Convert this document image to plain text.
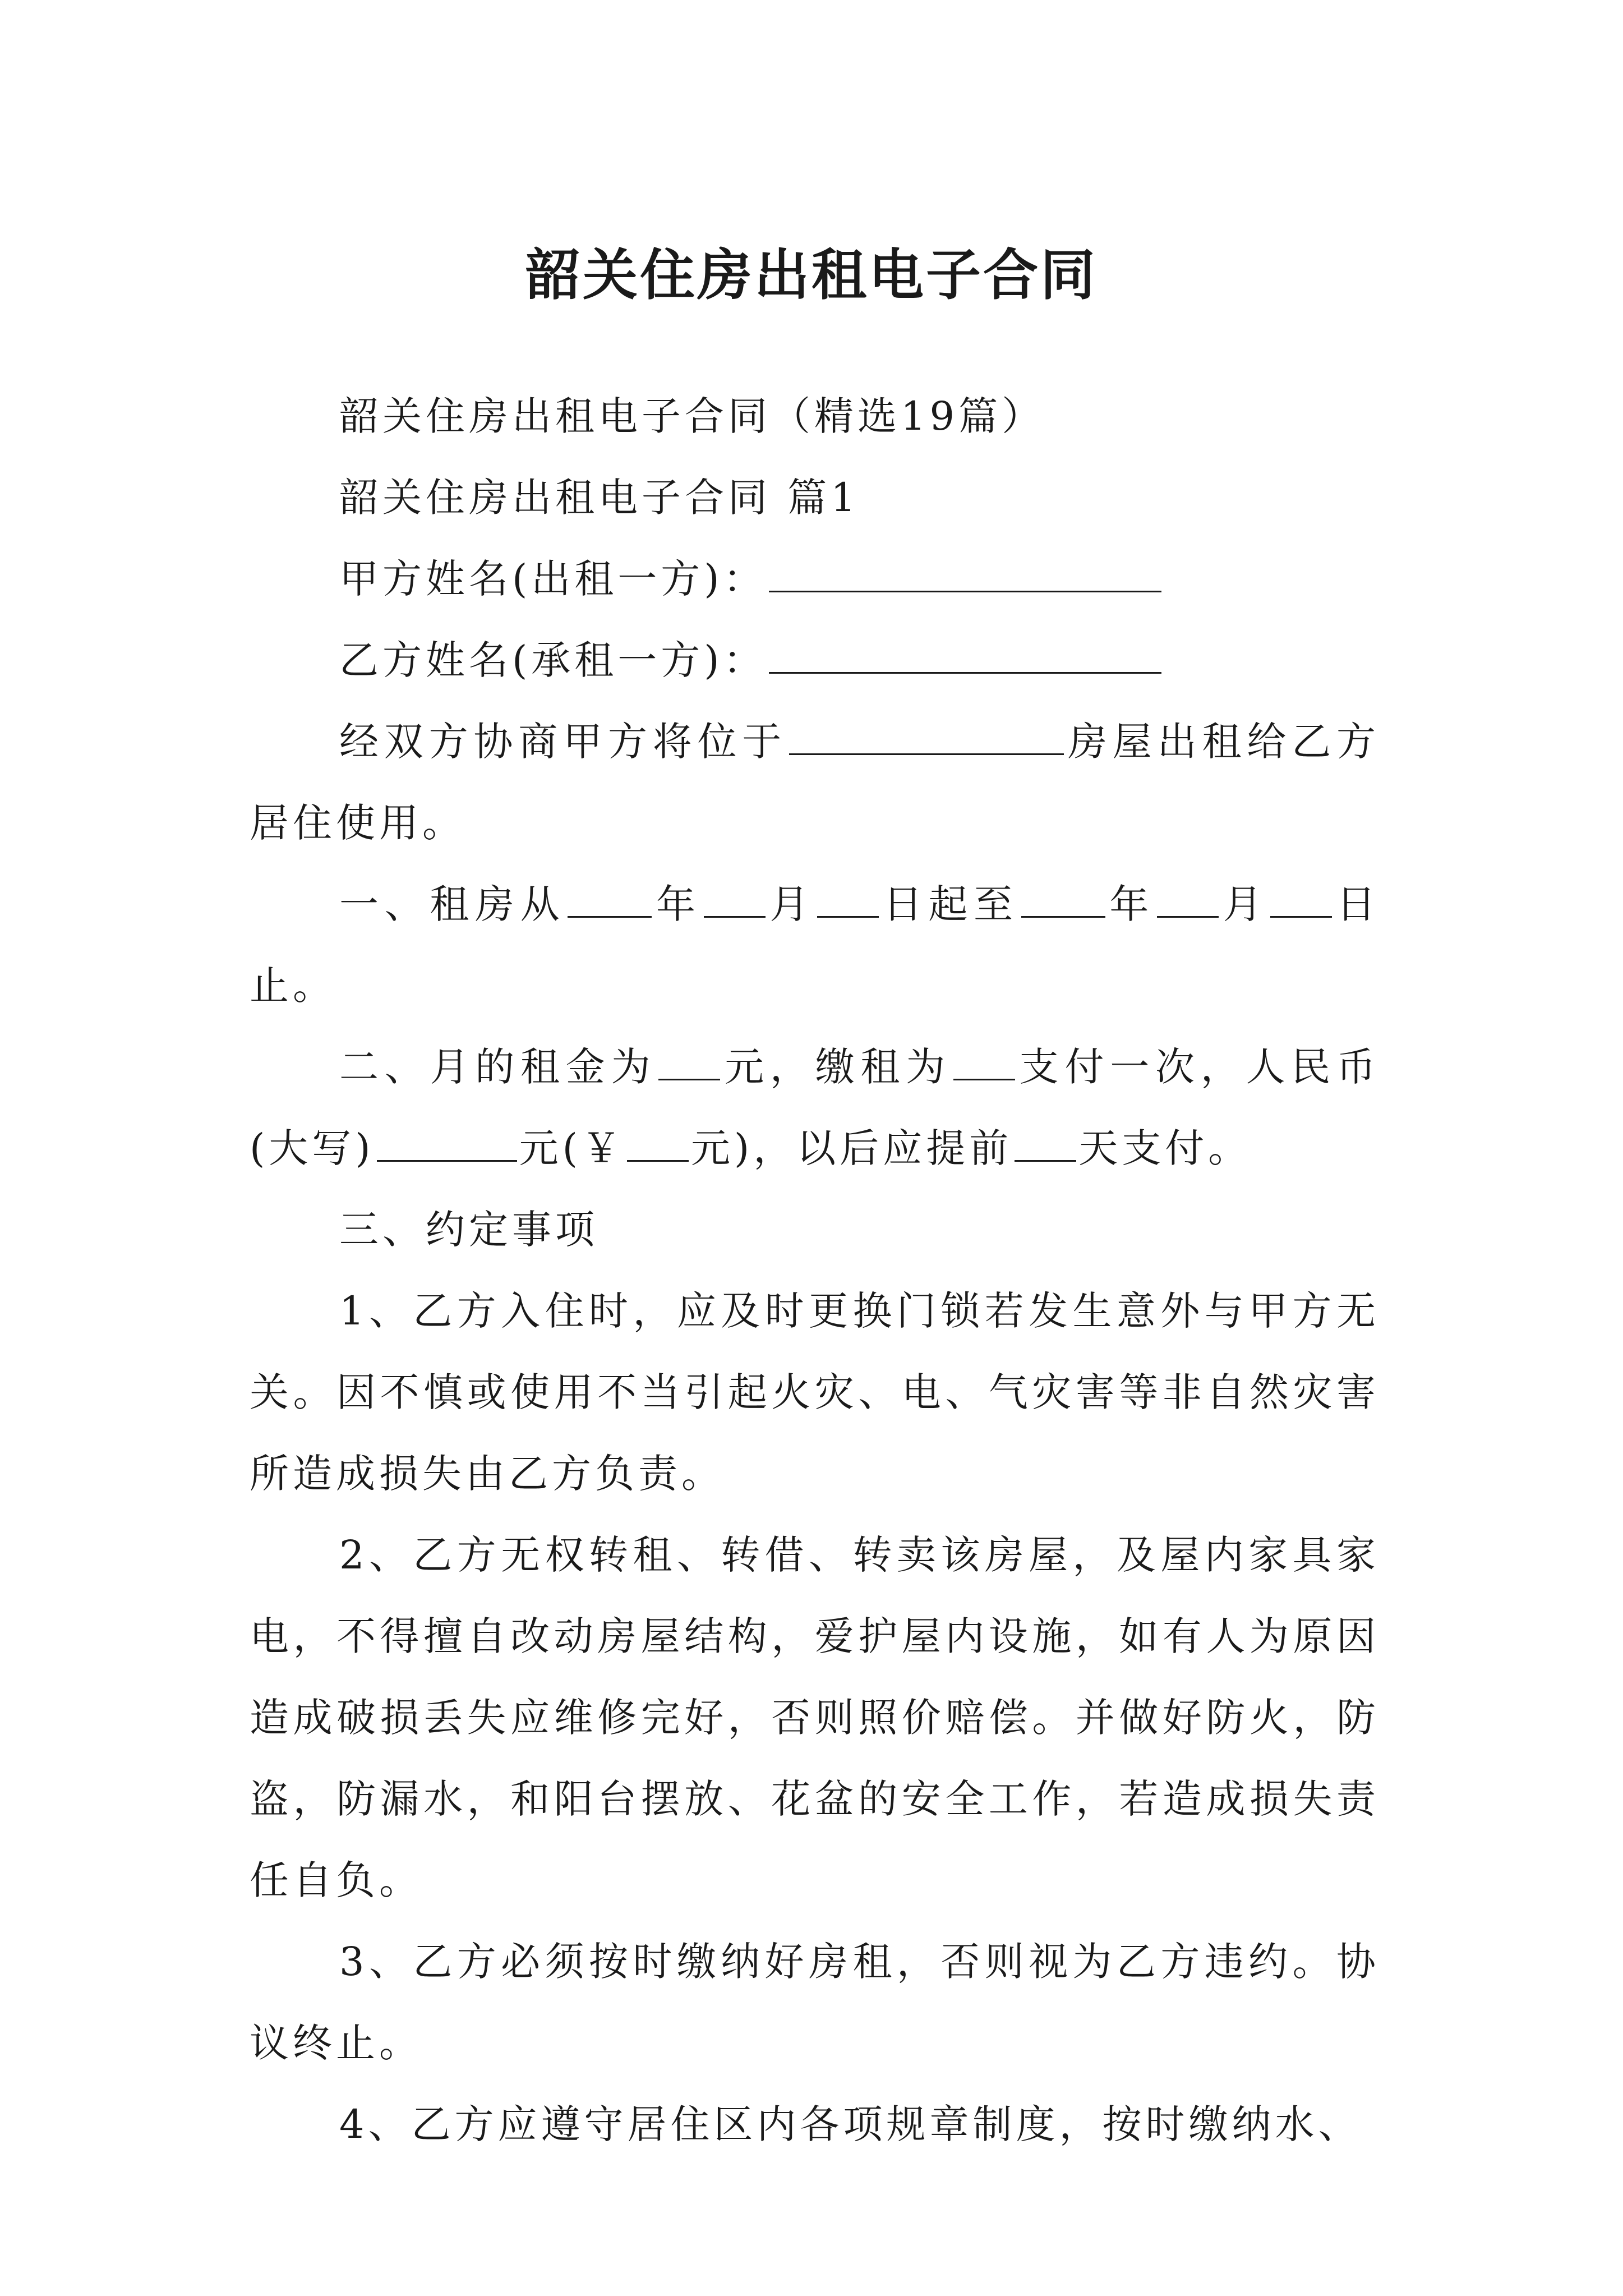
韶关住房出租电子合同

韶关住房出租电子合同（精选19篇）

韶关住房出租电子合同 篇1

甲方姓名(出租一方)：

乙方姓名(承租一方)：

经双方协商甲方将位于	房屋出租给乙方居住使用。

一、租房从 年 月 日起至 年 月 日止。

二、月的租金为 元，缴租为 支付一次，人民币(大写)	元(￥ 元)，以后应提前 天支付。

三、约定事项

1、乙方入住时，应及时更换门锁若发生意外与甲方无关。因不慎或使用不当引起火灾、电、气灾害等非自然灾害所造成损失由乙方负责。

2、乙方无权转租、转借、转卖该房屋，及屋内家具家电，不得擅自改动房屋结构，爱护屋内设施，如有人为原因造成破损丢失应维修完好，否则照价赔偿。并做好防火，防盗，防漏水，和阳台摆放、花盆的安全工作，若造成损失责任自负。

3、乙方必须按时缴纳好房租，否则视为乙方违约。协议终止。

4、乙方应遵守居住区内各项规章制度，按时缴纳水、
